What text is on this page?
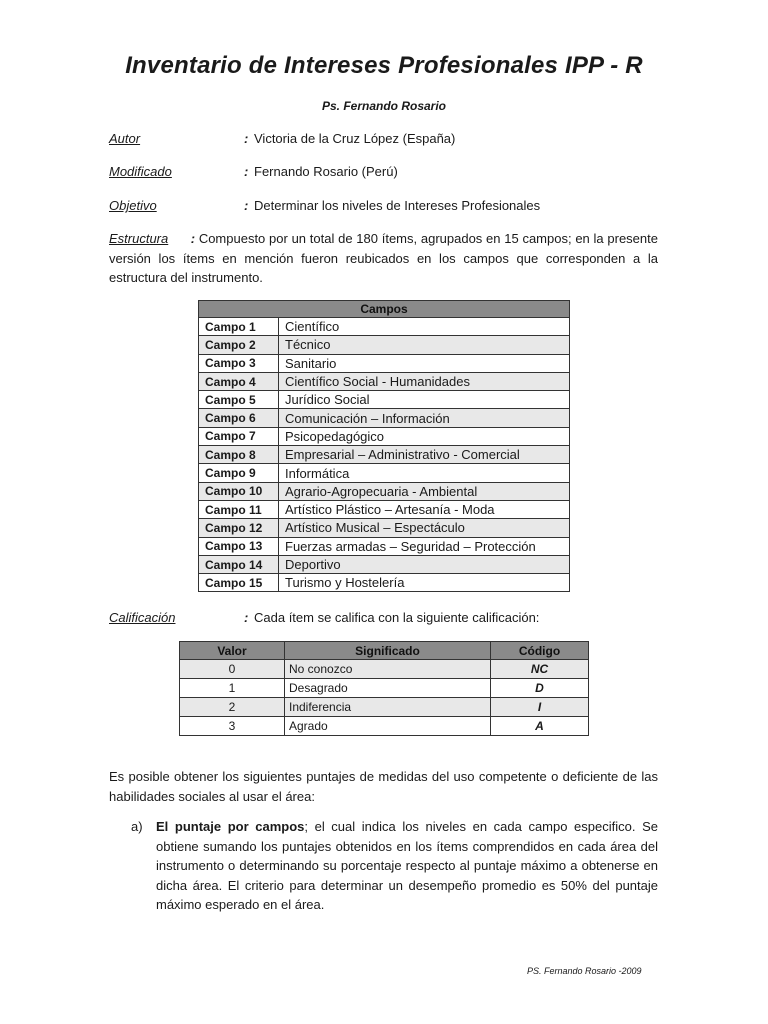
Inventario de Intereses Profesionales IPP - R
Ps. Fernando Rosario
Autor	: Victoria de la Cruz López (España)
Modificado	: Fernando Rosario (Perú)
Objetivo	: Determinar los niveles de Intereses Profesionales
Estructura : Compuesto por un total de 180 ítems, agrupados en 15 campos; en la presente versión los ítems en mención fueron reubicados en los campos que corresponden a la estructura del instrumento.
Campos	
Campo 1	Científico
Campo 2	Técnico
Campo 3	Sanitario
Campo 4	Científico Social - Humanidades
Campo 5	Jurídico Social
Campo 6	Comunicación – Información
Campo 7	Psicopedagógico
Campo 8	Empresarial – Administrativo - Comercial
Campo 9	Informática
Campo 10	Agrario-Agropecuaria - Ambiental
Campo 11	Artístico Plástico – Artesanía - Moda
Campo 12	Artístico Musical – Espectáculo
Campo 13	Fuerzas armadas – Seguridad – Protección
Campo 14	Deportivo
Campo 15	Turismo y Hostelería
Calificación	: Cada ítem se califica con la siguiente calificación:
Valor	Significado	Código
0	No conozco	NC
1	Desagrado	D
2	Indiferencia	I
3	Agrado	A
Es posible obtener los siguientes puntajes de medidas del uso competente o deficiente de las habilidades sociales al usar el área:
a) El puntaje por campos; el cual indica los niveles en cada campo especifico. Se obtiene sumando los puntajes obtenidos en los ítems comprendidos en cada área del instrumento o determinando su porcentaje respecto al puntaje máximo a obtenerse en dicha área. El criterio para determinar un desempeño promedio es 50% del puntaje máximo esperado en el área.
PS. Fernando Rosario -2009
